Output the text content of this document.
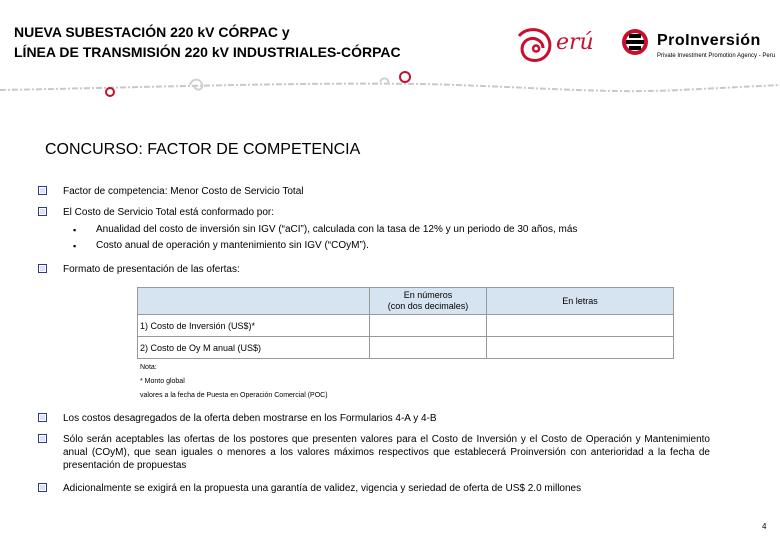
NUEVA SUBESTACIÓN 220 kV CÓRPAC y
LÍNEA DE TRANSMISIÓN 220 kV INDUSTRIALES-CÓRPAC	erú	ProInversión
Private Investment Promotion Agency - Peru
CONCURSO: FACTOR DE COMPETENCIA
Factor de competencia: Menor Costo de Servicio Total
El Costo de Servicio Total está conformado por:
▪ Anualidad del costo de inversión sin IGV (“aCI”), calculada con la tasa de 12% y un periodo de 30 años, más
▪ Costo anual de operación y mantenimiento sin IGV (“COyM”).
Formato de presentación de las ofertas:

	En números
(con dos decimales)	En letras
1) Costo de Inversión (US$)*		
2) Costo de Oy M anual (US$)		
Nota:
* Monto global
valores a la fecha de Puesta en Operación Comercial (POC)
Los costos desagregados de la oferta deben mostrarse en los Formularios 4-A y 4-B
Sólo serán aceptables las ofertas de los postores que presenten valores para el Costo de Inversión y el Costo de Operación y Mantenimiento anual (COyM), que sean iguales o menores a los valores máximos respectivos que establecerá Proinversión con anterioridad a la fecha de presentación de propuestas
Adicionalmente se exigirá en la propuesta una garantía de validez, vigencia y seriedad de oferta de US$ 2.0 millones
4
